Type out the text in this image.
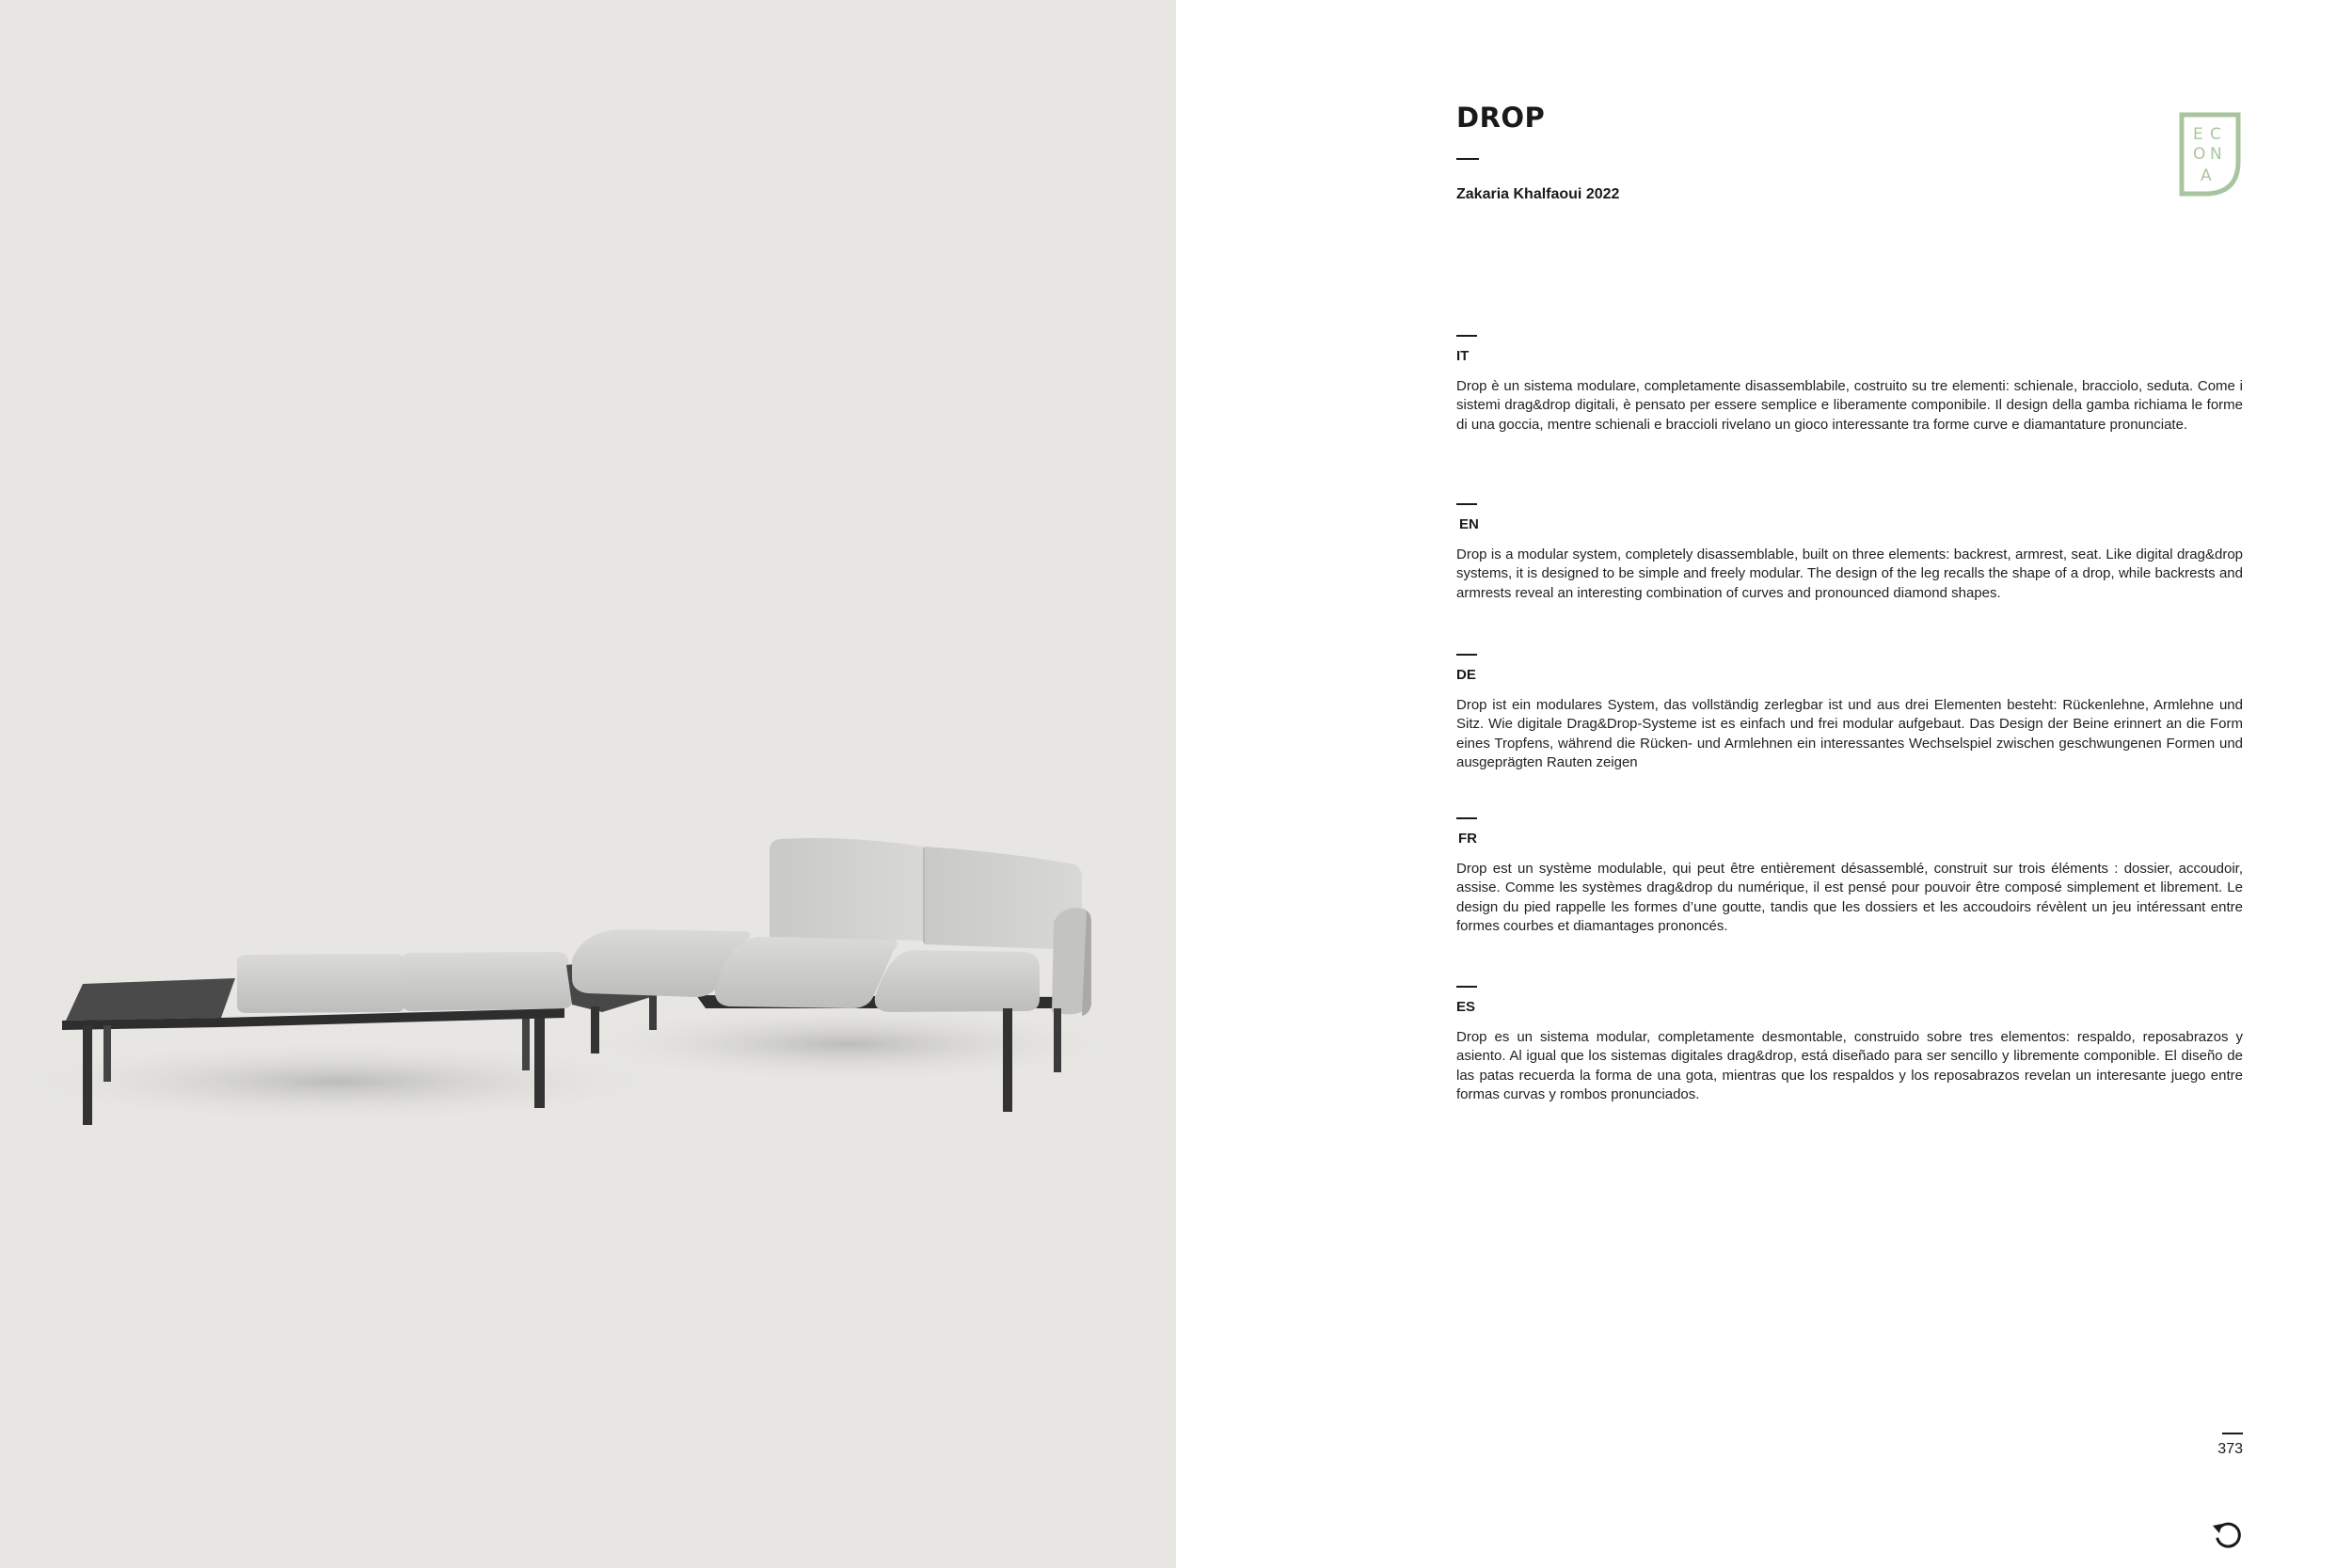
DROP
Zakaria Khalfaoui 2022
E C
O N
A
IT
Drop è un sistema modulare, completamente disassemblabile, costruito su tre elementi: schienale, bracciolo, seduta. Come i sistemi drag&drop digitali, è pensato per essere semplice e liberamente componibile. Il design della gamba richiama le forme di una goccia, mentre schienali e braccioli rivelano un gioco interessante tra forme curve e diamantature pronunciate.
EN
Drop is a modular system, completely disassemblable, built on three elements: backrest, armrest, seat. Like digital drag&drop systems, it is designed to be simple and freely modular. The design of the leg recalls the shape of a drop, while backrests and armrests reveal an interesting combination of curves and pronounced diamond shapes.
DE
Drop ist ein modulares System, das vollständig zerlegbar ist und aus drei Elementen besteht: Rückenlehne, Armlehne und Sitz. Wie digitale Drag&Drop-Systeme ist es einfach und frei modular aufgebaut. Das Design der Beine erinnert an die Form eines Tropfens, während die Rücken- und Armlehnen ein interessantes Wechselspiel zwischen geschwungenen Formen und ausgeprägten Rauten zeigen
FR
Drop est un système modulable, qui peut être entièrement désassemblé, construit sur trois éléments : dossier, accoudoir, assise. Comme les systèmes drag&drop du numérique, il est pensé pour pouvoir être composé simplement et librement. Le design du pied rappelle les formes d’une goutte, tandis que les dossiers et les accoudoirs révèlent un jeu intéressant entre formes courbes et diamantages prononcés.
ES
Drop es un sistema modular, completamente desmontable, construido sobre tres elementos: respaldo, reposabrazos y asiento. Al igual que los sistemas digitales drag&drop, está diseñado para ser sencillo y libremente componible. El diseño de las patas recuerda la forma de una gota, mientras que los respaldos y los reposabrazos revelan un interesante juego entre formas curvas y rombos pronunciados.
373
